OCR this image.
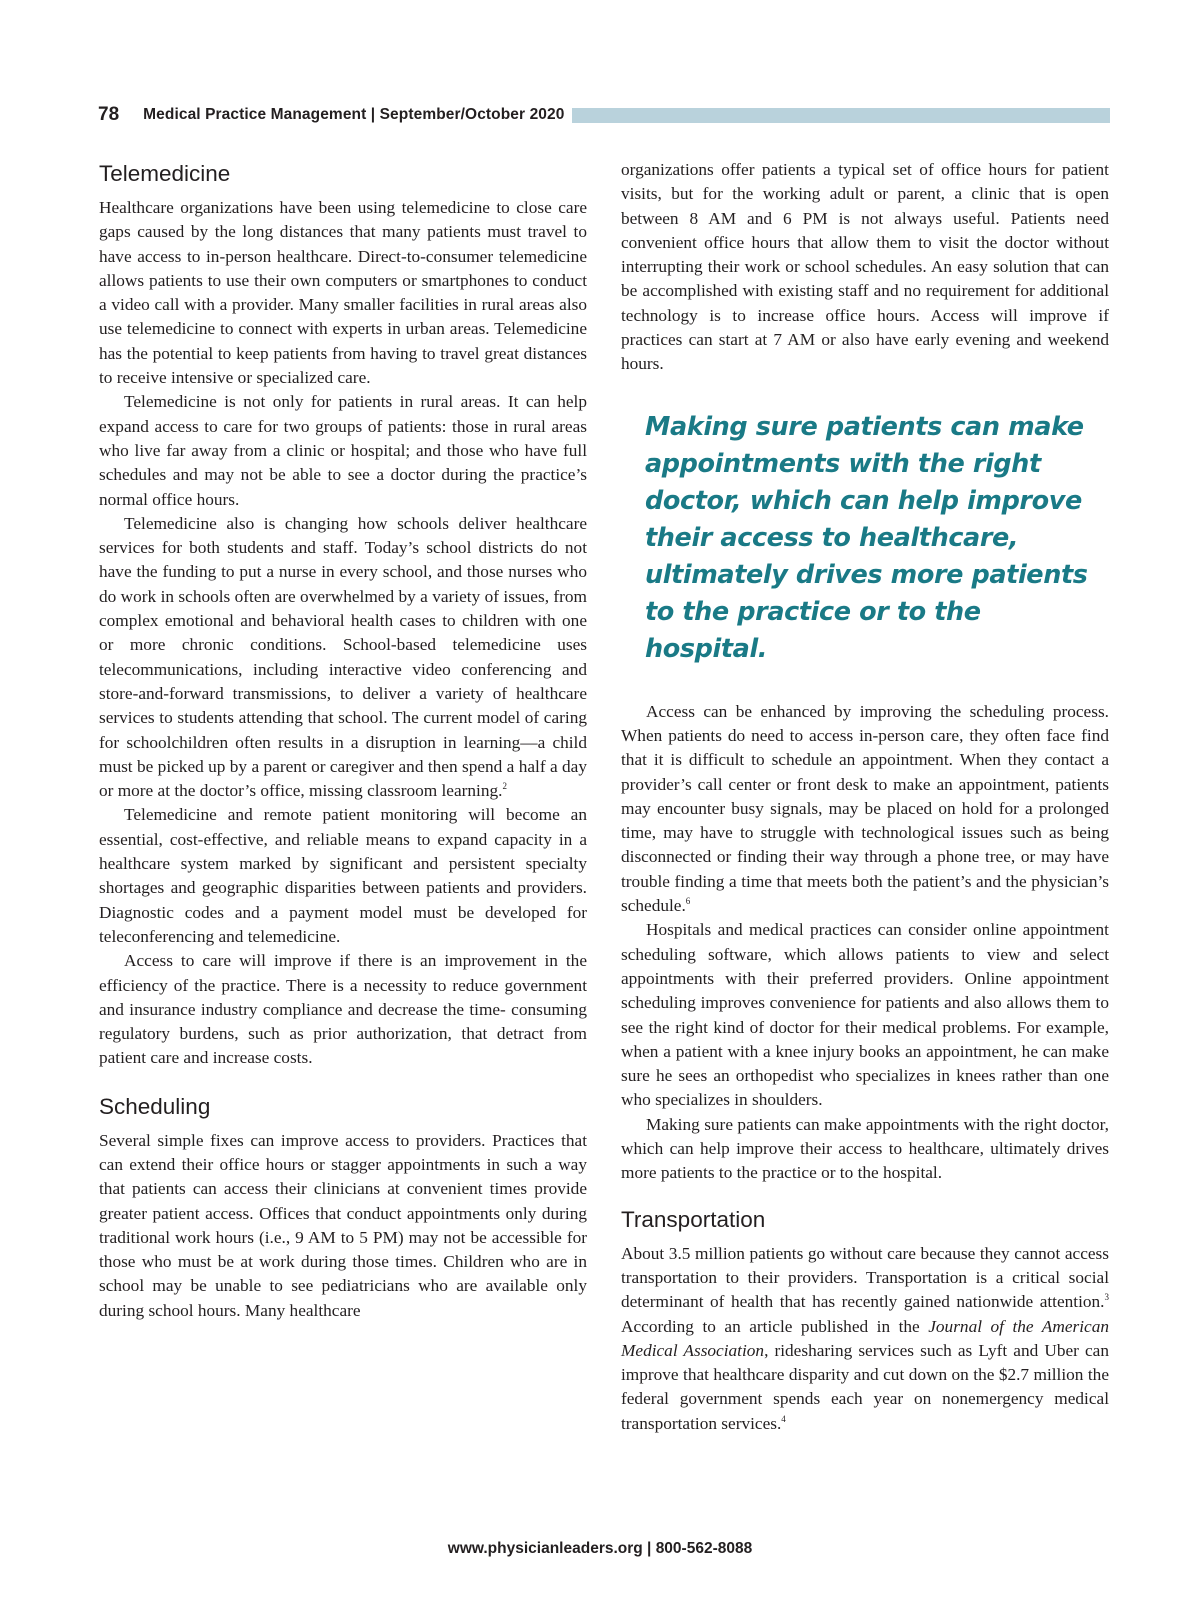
78 Medical Practice Management | September/October 2020
Telemedicine

Healthcare organizations have been using telemedicine to close care gaps caused by the long distances that many patients must travel to have access to in-person healthcare. Direct-to-consumer telemedicine allows patients to use their own computers or smartphones to conduct a video call with a provider. Many smaller facilities in rural areas also use telemedicine to connect with experts in urban areas. Telemedicine has the potential to keep patients from having to travel great distances to receive intensive or specialized care.

Telemedicine is not only for patients in rural areas. It can help expand access to care for two groups of patients: those in rural areas who live far away from a clinic or hospital; and those who have full schedules and may not be able to see a doctor during the practice’s normal office hours.

Telemedicine also is changing how schools deliver healthcare services for both students and staff. Today’s school districts do not have the funding to put a nurse in every school, and those nurses who do work in schools often are overwhelmed by a variety of issues, from complex emotional and behavioral health cases to children with one or more chronic conditions. School-based telemedicine uses telecommunications, including interactive video conferencing and store-and-forward transmissions, to deliver a variety of healthcare services to students attending that school. The current model of caring for schoolchildren often results in a disruption in learning—a child must be picked up by a parent or caregiver and then spend a half a day or more at the doctor’s office, missing classroom learning.$^2$

Telemedicine and remote patient monitoring will become an essential, cost-effective, and reliable means to expand capacity in a healthcare system marked by significant and persistent specialty shortages and geographic disparities between patients and providers. Diagnostic codes and a payment model must be developed for teleconferencing and telemedicine.

Access to care will improve if there is an improvement in the efficiency of the practice. There is a necessity to reduce government and insurance industry compliance and decrease the time- consuming regulatory burdens, such as prior authorization, that detract from patient care and increase costs.

Scheduling

Several simple fixes can improve access to providers. Practices that can extend their office hours or stagger appointments in such a way that patients can access their clinicians at convenient times provide greater patient access. Offices that conduct appointments only during traditional work hours (i.e., 9 AM to 5 PM) may not be accessible for those who must be at work during those times. Children who are in school may be unable to see pediatricians who are available only during school hours. Many healthcare

organizations offer patients a typical set of office hours for patient visits, but for the working adult or parent, a clinic that is open between 8 AM and 6 PM is not always useful. Patients need convenient office hours that allow them to visit the doctor without interrupting their work or school schedules. An easy solution that can be accomplished with existing staff and no requirement for additional technology is to increase office hours. Access will improve if practices can start at 7 AM or also have early evening and weekend hours.

Making sure patients can make appointments with the right doctor, which can help improve their access to healthcare, ultimately drives more patients to the practice or to the hospital.

Access can be enhanced by improving the scheduling process. When patients do need to access in-person care, they often face find that it is difficult to schedule an appointment. When they contact a provider’s call center or front desk to make an appointment, patients may encounter busy signals, may be placed on hold for a prolonged time, may have to struggle with technological issues such as being disconnected or finding their way through a phone tree, or may have trouble finding a time that meets both the patient’s and the physician’s schedule.$^6$

Hospitals and medical practices can consider online appointment scheduling software, which allows patients to view and select appointments with their preferred providers. Online appointment scheduling improves convenience for patients and also allows them to see the right kind of doctor for their medical problems. For example, when a patient with a knee injury books an appointment, he can make sure he sees an orthopedist who specializes in knees rather than one who specializes in shoulders.

Making sure patients can make appointments with the right doctor, which can help improve their access to healthcare, ultimately drives more patients to the practice or to the hospital.

Transportation

About 3.5 million patients go without care because they cannot access transportation to their providers. Transportation is a critical social determinant of health that has recently gained nationwide attention.$^3$ According to an article published in the Journal of the American Medical Association, ridesharing services such as Lyft and Uber can improve that healthcare disparity and cut down on the $2.7 million the federal government spends each year on nonemergency medical transportation services.$^4$

www.physicianleaders.org | 800-562-8088
